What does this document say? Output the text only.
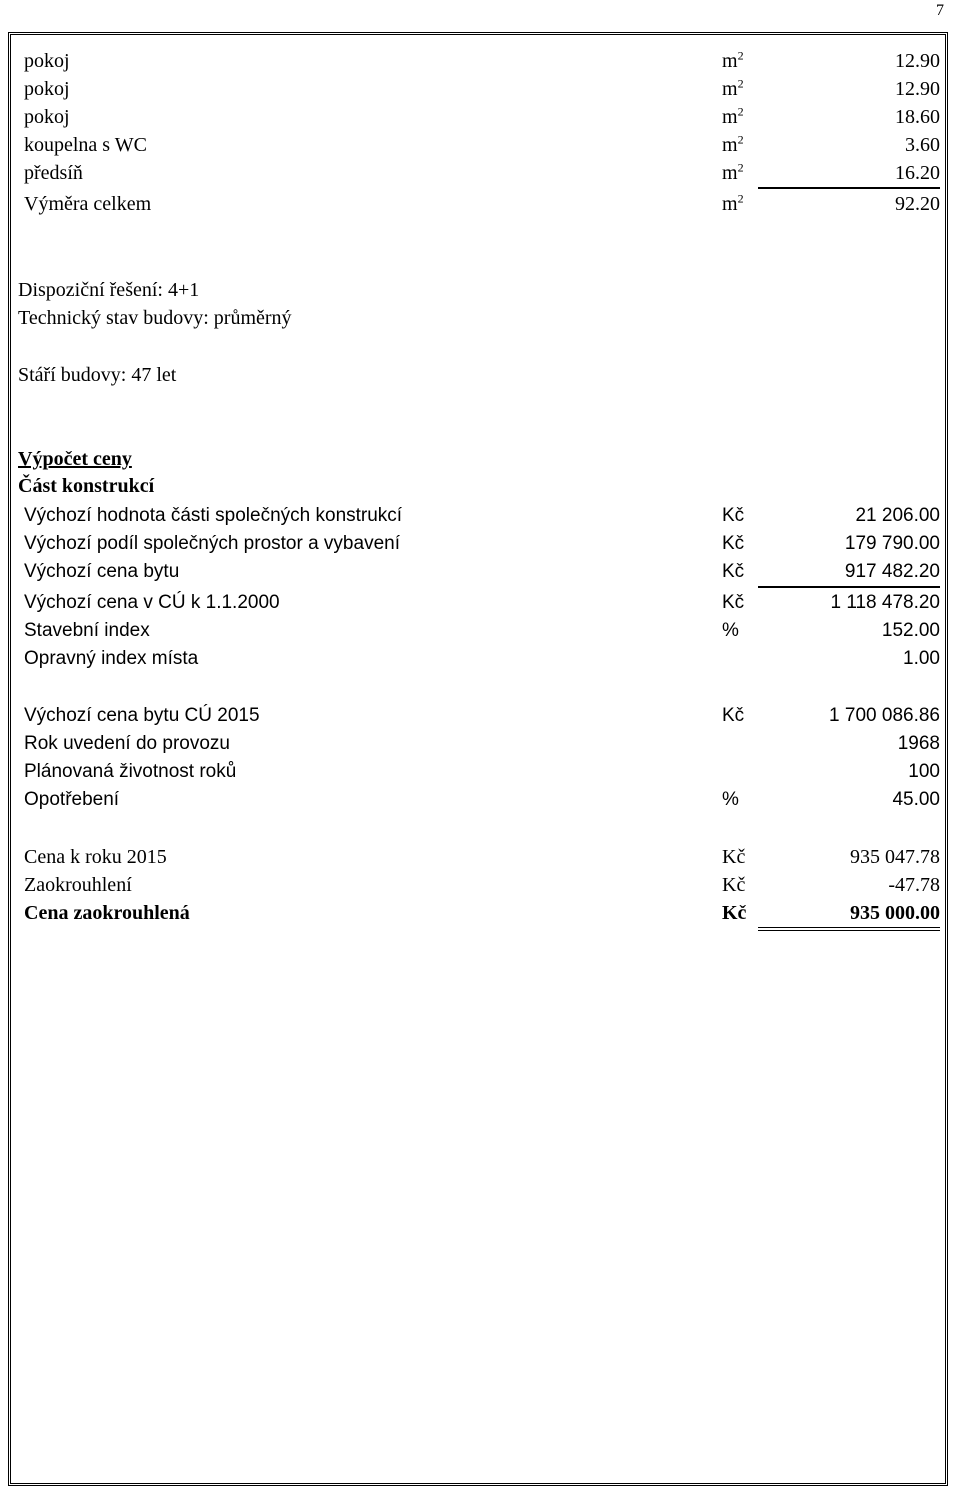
7
pokoj	$m^2$	12.90
pokoj	$m^2$	12.90
pokoj	$m^2$	18.60
koupelna s WC	$m^2$	3.60
předsíň	$m^2$	16.20
Výměra celkem	$m^2$	92.20
Dispoziční řešení: 4+1
Technický stav budovy: průměrný
Stáří budovy: 47 let
Výpočet ceny
Část konstrukcí
Výchozí hodnota části společných konstrukcí	Kč	21 206.00
Výchozí podíl společných prostor a vybavení	Kč	179 790.00
Výchozí cena bytu	Kč	917 482.20
Výchozí cena v CÚ k 1.1.2000	Kč	1 118 478.20
Stavební index	%	152.00
Opravný index místa	1.00
Výchozí cena bytu CÚ 2015	Kč	1 700 086.86
Rok uvedení do provozu	1968
Plánovaná životnost roků	100
Opotřebení	%	45.00
Cena k roku 2015	Kč	935 047.78
Zaokrouhlení	Kč	-47.78
Cena zaokrouhlená	Kč	935 000.00
